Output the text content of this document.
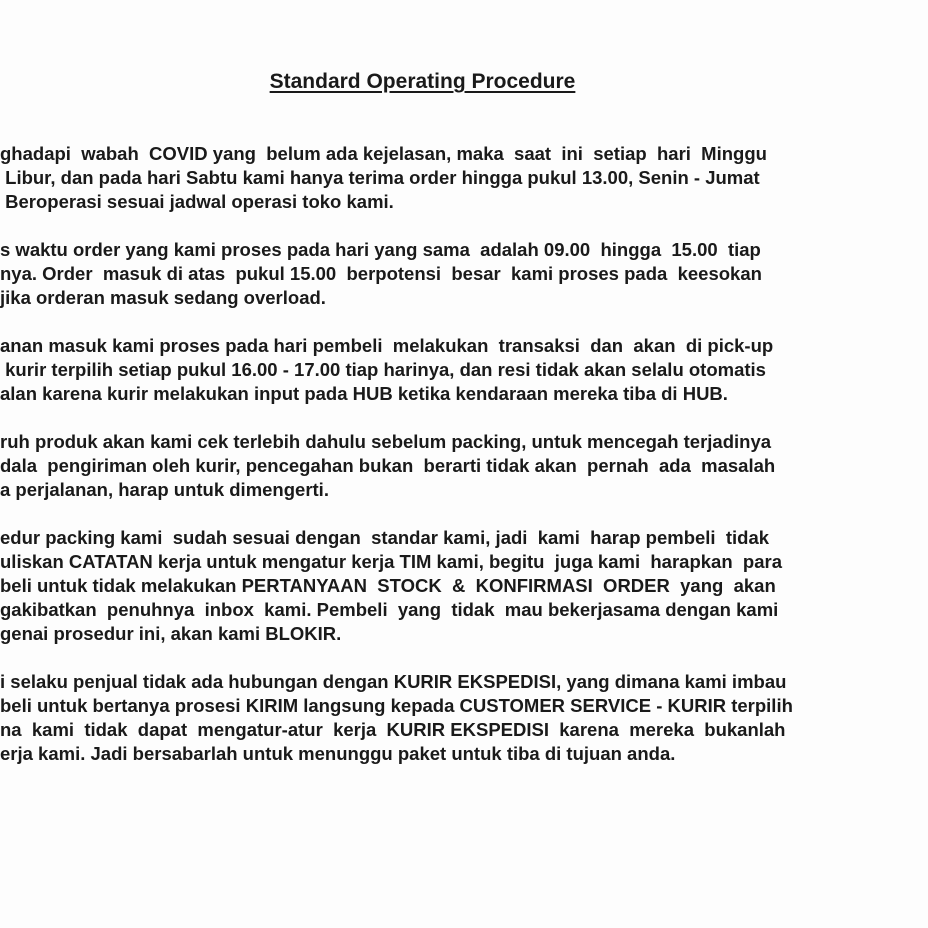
Standard Operating Procedure
ghadapi  wabah  COVID yang  belum ada kejelasan, maka  saat  ini  setiap  hari  Minggu
Libur, dan pada hari Sabtu kami hanya terima order hingga pukul 13.00, Senin - Jumat
Beroperasi sesuai jadwal operasi toko kami.
s waktu order yang kami proses pada hari yang sama  adalah 09.00  hingga  15.00  tiap
nya. Order  masuk di atas  pukul 15.00  berpotensi  besar  kami proses pada  keesokan
jika orderan masuk sedang overload.
anan masuk kami proses pada hari pembeli  melakukan  transaksi  dan  akan  di pick-up
kurir terpilih setiap pukul 16.00 - 17.00 tiap harinya, dan resi tidak akan selalu otomatis
alan karena kurir melakukan input pada HUB ketika kendaraan mereka tiba di HUB.
ruh produk akan kami cek terlebih dahulu sebelum packing, untuk mencegah terjadinya
dala  pengiriman oleh kurir, pencegahan bukan  berarti tidak akan  pernah  ada  masalah
a perjalanan, harap untuk dimengerti.
edur packing kami  sudah sesuai dengan  standar kami, jadi  kami  harap pembeli  tidak
uliskan CATATAN kerja untuk mengatur kerja TIM kami, begitu  juga kami  harapkan  para
beli untuk tidak melakukan PERTANYAAN  STOCK  &  KONFIRMASI  ORDER  yang  akan
gakibatkan  penuhnya  inbox  kami. Pembeli  yang  tidak  mau bekerjasama dengan kami
genai prosedur ini, akan kami BLOKIR.
i selaku penjual tidak ada hubungan dengan KURIR EKSPEDISI, yang dimana kami imbau
beli untuk bertanya prosesi KIRIM langsung kepada CUSTOMER SERVICE - KURIR terpilih
na  kami  tidak  dapat  mengatur-atur  kerja  KURIR EKSPEDISI  karena  mereka  bukanlah
erja kami. Jadi bersabarlah untuk menunggu paket untuk tiba di tujuan anda.
